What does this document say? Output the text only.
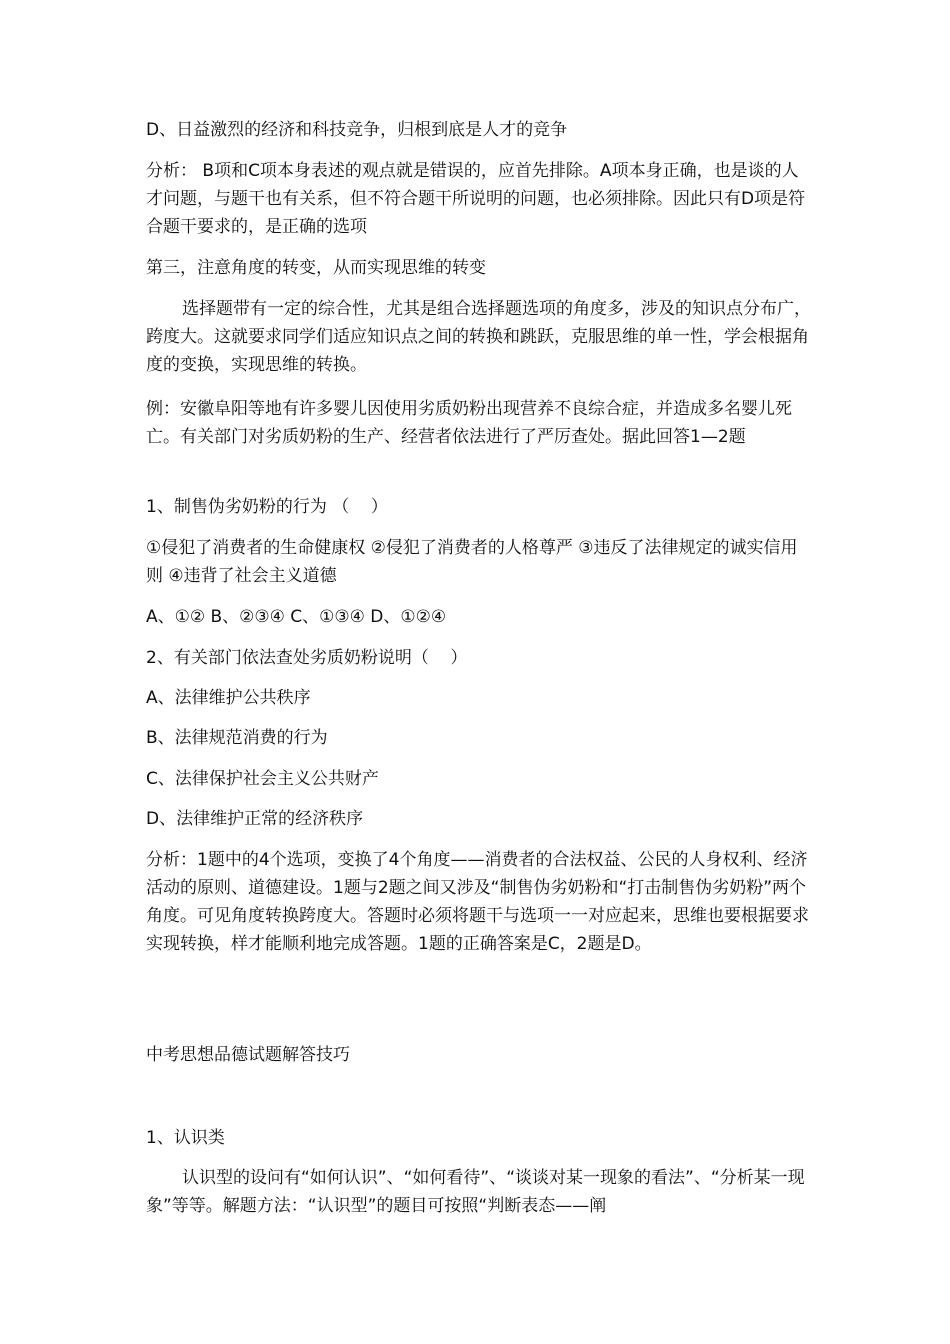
D、日益激烈的经济和科技竞争，归根到底是人才的竞争

分析： B项和C项本身表述的观点就是错误的，应首先排除。A项本身正确，也是谈的人才问题，与题干也有关系，但不符合题干所说明的问题，也必须排除。因此只有D项是符合题干要求的，是正确的选项

第三，注意角度的转变，从而实现思维的转变

选择题带有一定的综合性，尤其是组合选择题选项的角度多，涉及的知识点分布广，跨度大。这就要求同学们适应知识点之间的转换和跳跃，克服思维的单一性，学会根据角度的变换，实现思维的转换。

例：安徽阜阳等地有许多婴儿因使用劣质奶粉出现营养不良综合症，并造成多名婴儿死亡。有关部门对劣质奶粉的生产、经营者依法进行了严厉查处。据此回答1—2题

1、制售伪劣奶粉的行为 （    ）

①侵犯了消费者的生命健康权 ②侵犯了消费者的人格尊严 ③违反了法律规定的诚实信用则 ④违背了社会主义道德

A、①② B、②③④ C、①③④ D、①②④

2、有关部门依法查处劣质奶粉说明（    ）

A、法律维护公共秩序

B、法律规范消费的行为

C、法律保护社会主义公共财产

D、法律维护正常的经济秩序

分析：1题中的4个选项，变换了4个角度——消费者的合法权益、公民的人身权利、经济活动的原则、道德建设。1题与2题之间又涉及“制售伪劣奶粉和“打击制售伪劣奶粉”两个角度。可见角度转换跨度大。答题时必须将题干与选项一一对应起来，思维也要根据要求实现转换，样才能顺利地完成答题。1题的正确答案是C，2题是D。

中考思想品德试题解答技巧

1、认识类

认识型的设问有“如何认识”、“如何看待”、“谈谈对某一现象的看法”、“分析某一现象”等等。解题方法：“认识型”的题目可按照“判断表态——阐
